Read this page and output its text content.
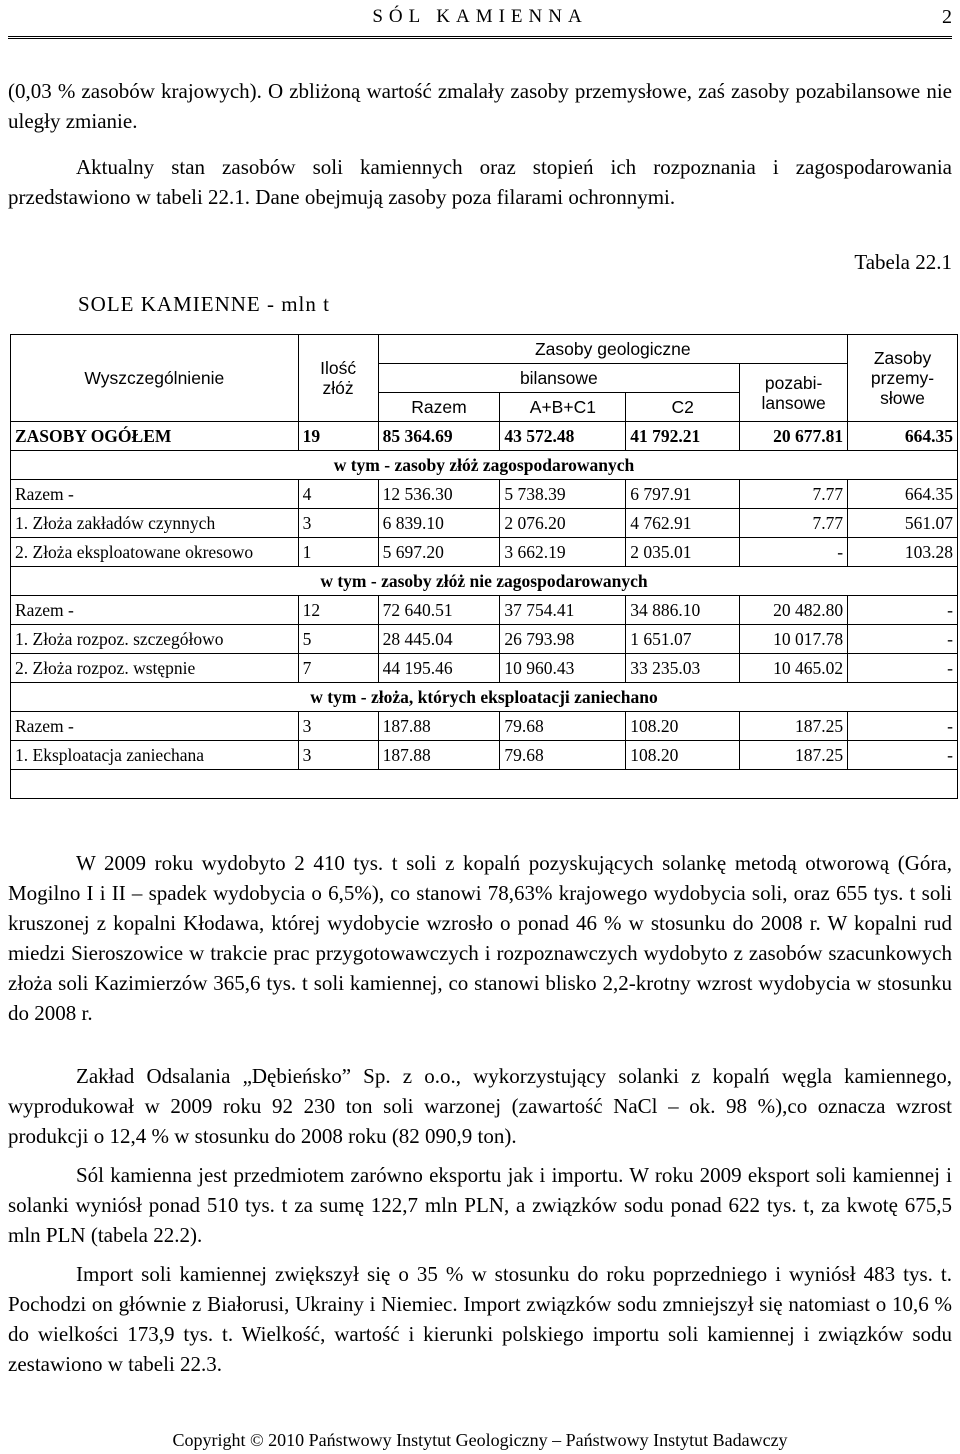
SÓL KAMIENNA	2

(0,03 % zasobów krajowych). O zbliżoną wartość zmalały zasoby przemysłowe, zaś zasoby pozabilansowe nie uległy zmianie.

Aktualny stan zasobów soli kamiennych oraz stopień ich rozpoznania i zagospodarowania przedstawiono w tabeli 22.1. Dane obejmują zasoby poza filarami ochronnymi.

Tabela 22.1
SOLE KAMIENNE - mln t
Wyszczególnienie	Ilość złóż	Zasoby geologiczne				Zasoby przemy- słowe
		bilansowe			pozabi- lansowe	
		Razem	A+B+C1	C2		
ZASOBY OGÓŁEM	19	85 364.69	43 572.48	41 792.21	20 677.81	664.35
w tym - zasoby złóż zagospodarowanych						
Razem -	4	12 536.30	5 738.39	6 797.91	7.77	664.35
1. Złoża zakładów czynnych	3	6 839.10	2 076.20	4 762.91	7.77	561.07
2. Złoża eksploatowane okresowo	1	5 697.20	3 662.19	2 035.01	-	103.28
w tym - zasoby złóż nie zagospodarowanych						
Razem -	12	72 640.51	37 754.41	34 886.10	20 482.80	-
1. Złoża rozpoz. szczegółowo	5	28 445.04	26 793.98	1 651.07	10 017.78	-
2. Złoża rozpoz. wstępnie	7	44 195.46	10 960.43	33 235.03	10 465.02	-
w tym - złoża, których eksploatacji zaniechano						
Razem -	3	187.88	79.68	108.20	187.25	-
1. Eksploatacja zaniechana	3	187.88	79.68	108.20	187.25	-

W 2009 roku wydobyto 2 410 tys. t soli z kopalń pozyskujących solankę metodą otworową (Góra, Mogilno I i II – spadek wydobycia o 6,5%), co stanowi 78,63% krajowego wydobycia soli, oraz 655 tys. t soli kruszonej z kopalni Kłodawa, której wydobycie wzrosło o ponad 46 % w stosunku do 2008 r. W kopalni rud miedzi Sieroszowice w trakcie prac przygotowawczych i rozpoznawczych wydobyto z zasobów szacunkowych złoża soli Kazimierzów 365,6 tys. t soli kamiennej, co stanowi blisko 2,2-krotny wzrost wydobycia w stosunku do 2008 r.

Zakład Odsalania „Dębieńsko” Sp. z o.o., wykorzystujący solanki z kopalń węgla kamiennego, wyprodukował w 2009 roku 92 230 ton soli warzonej (zawartość NaCl – ok. 98 %),co oznacza wzrost produkcji o 12,4 % w stosunku do 2008 roku (82 090,9 ton).

Sól kamienna jest przedmiotem zarówno eksportu jak i importu. W roku 2009 eksport soli kamiennej i solanki wyniósł ponad 510 tys. t za sumę 122,7 mln PLN, a związków sodu ponad 622 tys. t, za kwotę 675,5 mln PLN (tabela 22.2).

Import soli kamiennej zwiększył się o 35 % w stosunku do roku poprzedniego i wyniósł 483 tys. t. Pochodzi on głównie z Białorusi, Ukrainy i Niemiec. Import związków sodu zmniejszył się natomiast o 10,6 % do wielkości 173,9 tys. t. Wielkość, wartość i kierunki polskiego importu soli kamiennej i związków sodu zestawiono w tabeli 22.3.

Copyright © 2010 Państwowy Instytut Geologiczny – Państwowy Instytut Badawczy
